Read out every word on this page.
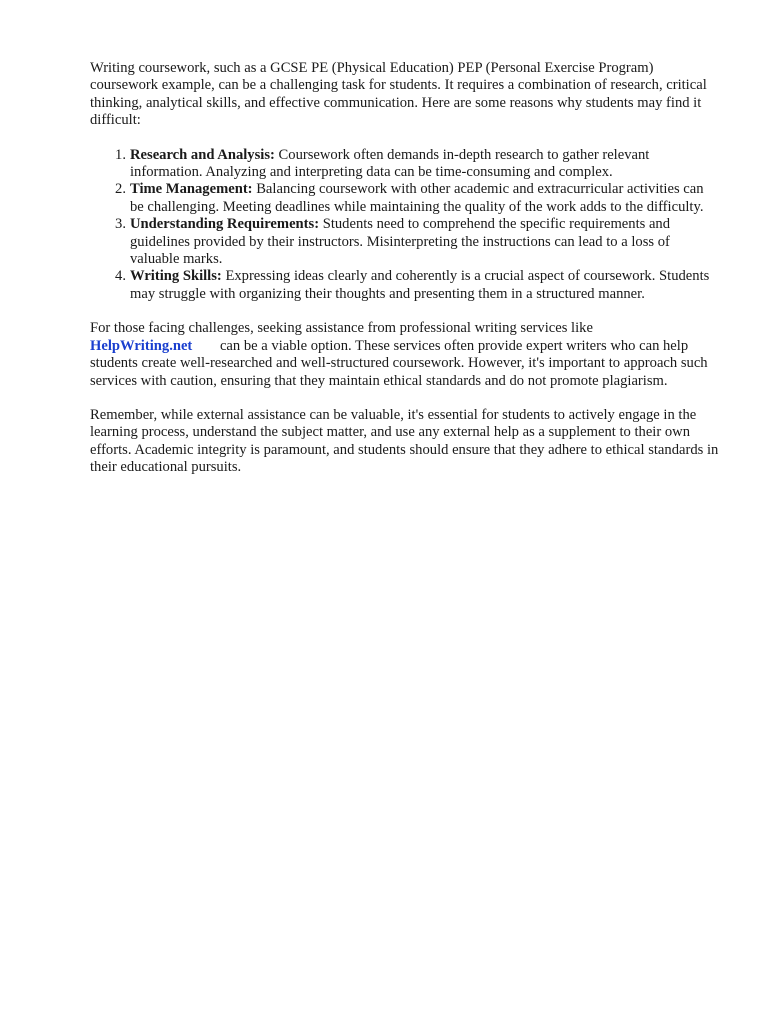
Writing coursework, such as a GCSE PE (Physical Education) PEP (Personal Exercise Program) coursework example, can be a challenging task for students. It requires a combination of research, critical thinking, analytical skills, and effective communication. Here are some reasons why students may find it difficult:

1. Research and Analysis: Coursework often demands in-depth research to gather relevant information. Analyzing and interpreting data can be time-consuming and complex.
2. Time Management: Balancing coursework with other academic and extracurricular activities can be challenging. Meeting deadlines while maintaining the quality of the work adds to the difficulty.
3. Understanding Requirements: Students need to comprehend the specific requirements and guidelines provided by their instructors. Misinterpreting the instructions can lead to a loss of valuable marks.
4. Writing Skills: Expressing ideas clearly and coherently is a crucial aspect of coursework. Students may struggle with organizing their thoughts and presenting them in a structured manner.

For those facing challenges, seeking assistance from professional writing services like
HelpWriting.net can be a viable option. These services often provide expert writers who can help students create well-researched and well-structured coursework. However, it's important to approach such services with caution, ensuring that they maintain ethical standards and do not promote plagiarism.

Remember, while external assistance can be valuable, it's essential for students to actively engage in the learning process, understand the subject matter, and use any external help as a supplement to their own efforts. Academic integrity is paramount, and students should ensure that they adhere to ethical standards in their educational pursuits.
